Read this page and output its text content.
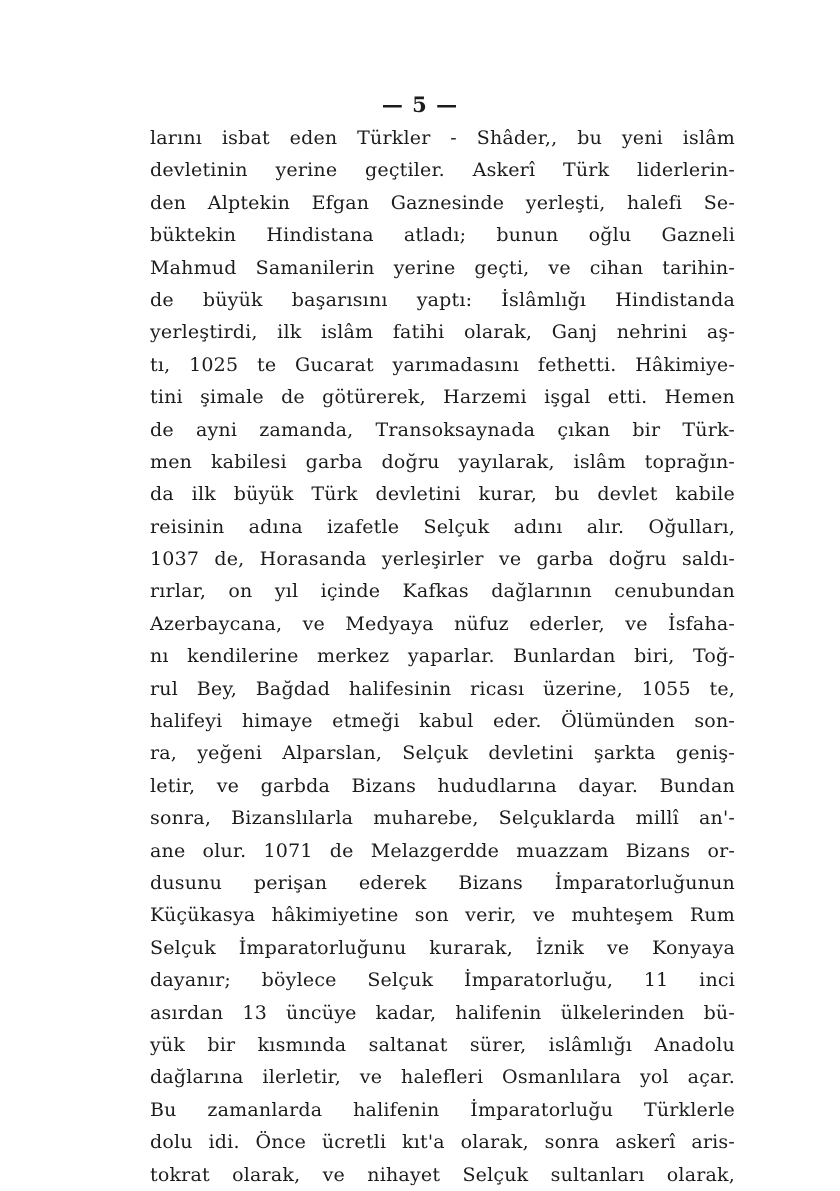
— 5 —
larını isbat eden Türkler - Shâder,, bu yeni islâm
devletinin yerine geçtiler. Askerî Türk liderlerin-
den Alptekin Efgan Gaznesinde yerleşti, halefi Se-
büktekin Hindistana atladı; bunun oğlu Gazneli
Mahmud Samanilerin yerine geçti, ve cihan tarihin-
de büyük başarısını yaptı: İslâmlığı Hindistanda
yerleştirdi, ilk islâm fatihi olarak, Ganj nehrini aş-
tı, 1025 te Gucarat yarımadasını fethetti. Hâkimiye-
tini şimale de götürerek, Harzemi işgal etti. Hemen
de ayni zamanda, Transoksaynada çıkan bir Türk-
men kabilesi garba doğru yayılarak, islâm toprağın-
da ilk büyük Türk devletini kurar, bu devlet kabile
reisinin adına izafetle Selçuk adını alır. Oğulları,
1037 de, Horasanda yerleşirler ve garba doğru saldı-
rırlar, on yıl içinde Kafkas dağlarının cenubundan
Azerbaycana, ve Medyaya nüfuz ederler, ve İsfaha-
nı kendilerine merkez yaparlar. Bunlardan biri, Toğ-
rul Bey, Bağdad halifesinin ricası üzerine, 1055 te,
halifeyi himaye etmeği kabul eder. Ölümünden son-
ra, yeğeni Alparslan, Selçuk devletini şarkta geniş-
letir, ve garbda Bizans hududlarına dayar. Bundan
sonra, Bizanslılarla muharebe, Selçuklarda millî an'-
ane olur. 1071 de Melazgerdde muazzam Bizans or-
dusunu perişan ederek Bizans İmparatorluğunun
Küçükasya hâkimiyetine son verir, ve muhteşem Rum
Selçuk İmparatorluğunu kurarak, İznik ve Konyaya
dayanır; böylece Selçuk İmparatorluğu, 11 inci
asırdan 13 üncüye kadar, halifenin ülkelerinden bü-
yük bir kısmında saltanat sürer, islâmlığı Anadolu
dağlarına ilerletir, ve halefleri Osmanlılara yol açar.
Bu zamanlarda halifenin İmparatorluğu Türklerle
dolu idi. Önce ücretli kıt'a olarak, sonra askerî aris-
tokrat olarak, ve nihayet Selçuk sultanları olarak,
